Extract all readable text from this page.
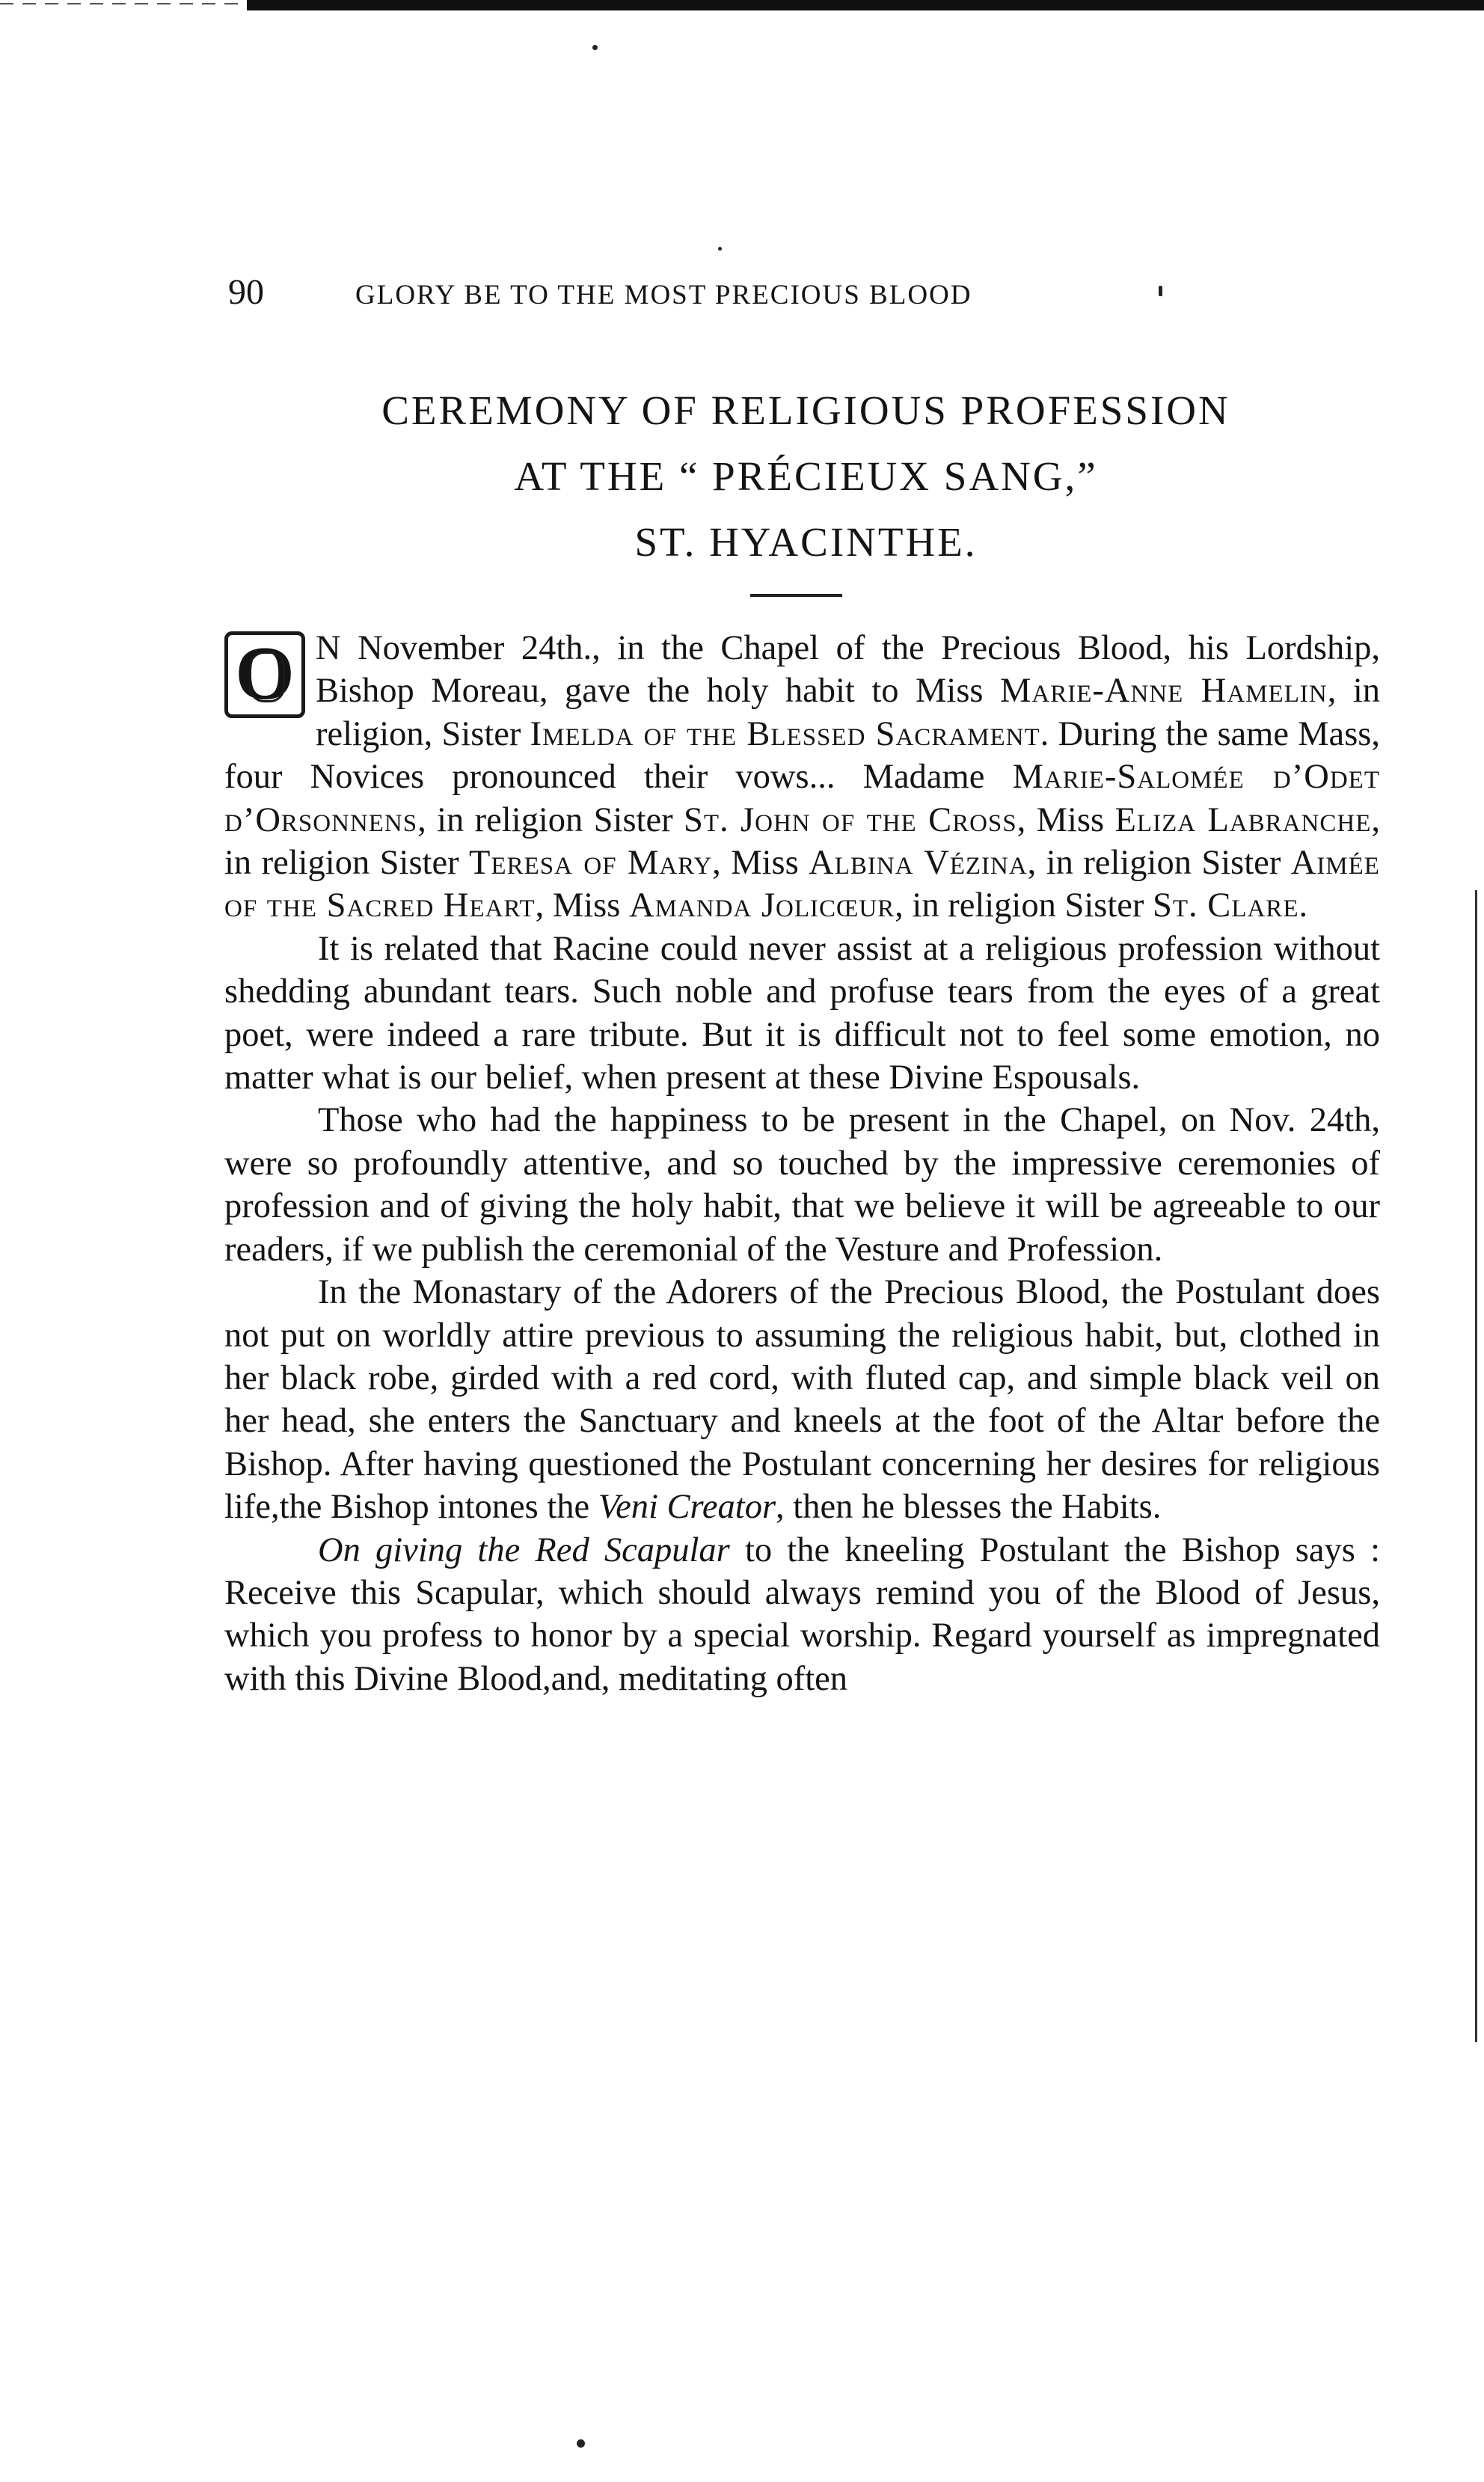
90	GLORY BE TO THE MOST PRECIOUS BLOOD
CEREMONY OF RELIGIOUS PROFESSION
AT THE “ PRÉCIEUX SANG,”
ST. HYACINTHE.

O N November 24th., in the Chapel of the Precious Blood, his Lordship, Bishop Moreau, gave the holy habit to Miss Marie-Anne Hamelin, in religion, Sister Imelda of the Blessed Sacrament. During the same Mass, four Novices pronounced their vows... Madame Marie-Salomée d’Odet d’Orsonnens, in religion Sister St. John of the Cross, Miss Eliza Labranche, in religion Sister Teresa of Mary, Miss Albina Vézina, in religion Sister Aimée of the Sacred Heart, Miss Amanda Jolicœur, in religion Sister St. Clare.

It is related that Racine could never assist at a religious profession without shedding abundant tears. Such noble and profuse tears from the eyes of a great poet, were indeed a rare tribute. But it is difficult not to feel some emotion, no matter what is our belief, when present at these Divine Espousals.

Those who had the happiness to be present in the Chapel, on Nov. 24th, were so profoundly attentive, and so touched by the impressive ceremonies of profession and of giving the holy habit, that we believe it will be agreeable to our readers, if we publish the ceremonial of the Vesture and Profession.

In the Monastary of the Adorers of the Precious Blood, the Postulant does not put on worldly attire previous to assuming the religious habit, but, clothed in her black robe, girded with a red cord, with fluted cap, and simple black veil on her head, she enters the Sanctuary and kneels at the foot of the Altar before the Bishop. After having questioned the Postulant concerning her desires for religious life,the Bishop intones the Veni Creator, then he blesses the Habits.

On giving the Red Scapular to the kneeling Postulant the Bishop says : Receive this Scapular, which should always remind you of the Blood of Jesus, which you profess to honor by a special worship. Regard yourself as impregnated with this Divine Blood,and, meditating often
